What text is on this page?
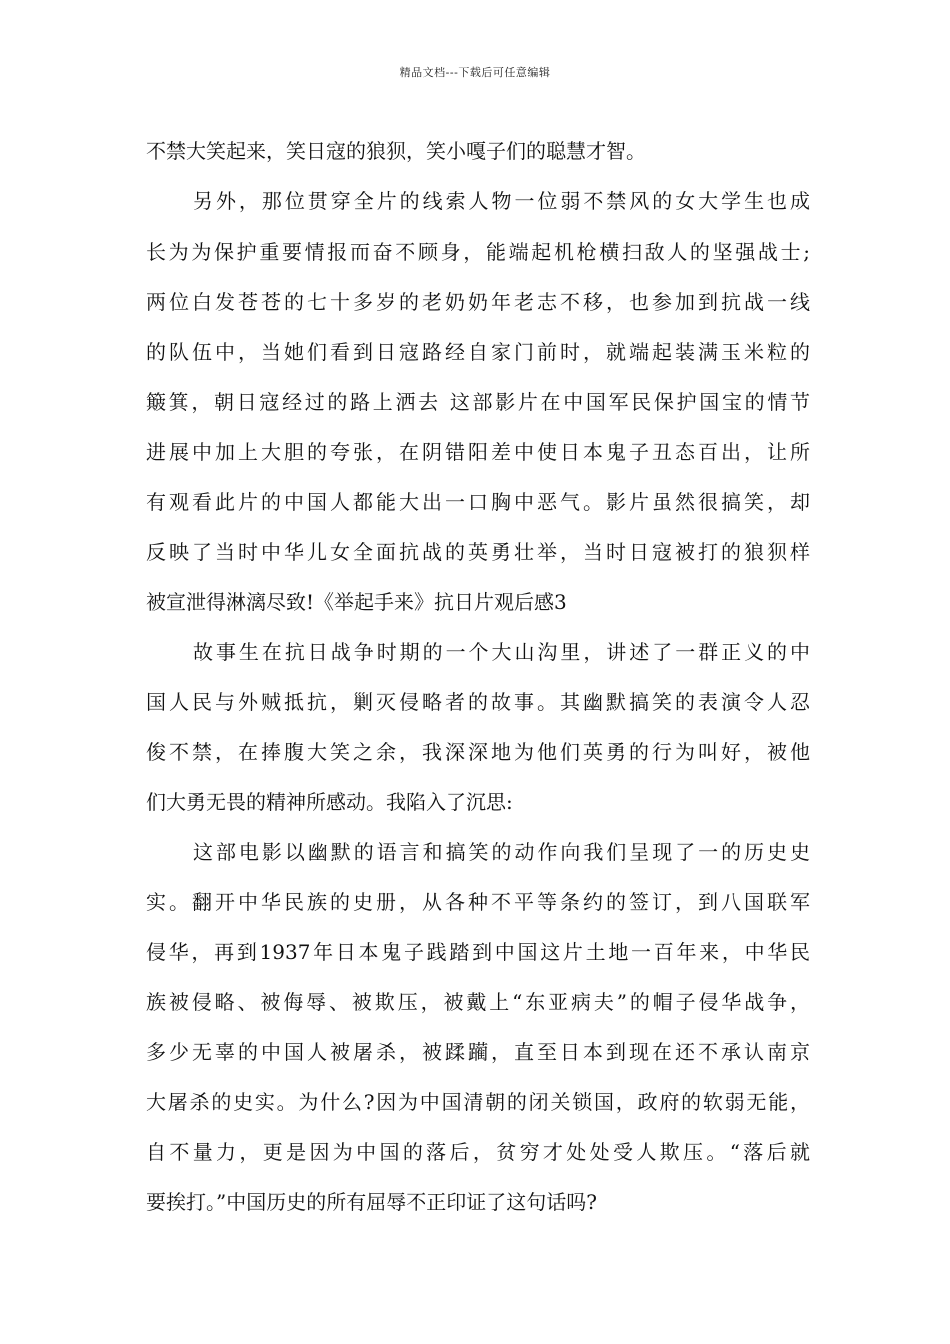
精品文档---下载后可任意编辑
不禁大笑起来，笑日寇的狼狈，笑小嘎子们的聪慧才智。
另外，那位贯穿全片的线索人物一位弱不禁风的女大学生也成
长为为保护重要情报而奋不顾身，能端起机枪横扫敌人的坚强战士;
两位白发苍苍的七十多岁的老奶奶年老志不移，也参加到抗战一线
的队伍中，当她们看到日寇路经自家门前时，就端起装满玉米粒的
簸箕，朝日寇经过的路上洒去 这部影片在中国军民保护国宝的情节
进展中加上大胆的夸张，在阴错阳差中使日本鬼子丑态百出，让所
有观看此片的中国人都能大出一口胸中恶气。影片虽然很搞笑，却
反映了当时中华儿女全面抗战的英勇壮举，当时日寇被打的狼狈样
被宣泄得淋漓尽致!《举起手来》抗日片观后感3
故事生在抗日战争时期的一个大山沟里，讲述了一群正义的中
国人民与外贼抵抗，剿灭侵略者的故事。其幽默搞笑的表演令人忍
俊不禁，在捧腹大笑之余，我深深地为他们英勇的行为叫好，被他
们大勇无畏的精神所感动。我陷入了沉思:
这部电影以幽默的语言和搞笑的动作向我们呈现了一的历史史
实。翻开中华民族的史册，从各种不平等条约的签订，到八国联军
侵华，再到1937年日本鬼子践踏到中国这片土地一百年来，中华民
族被侵略、被侮辱、被欺压，被戴上“东亚病夫”的帽子侵华战争，
多少无辜的中国人被屠杀，被蹂躏，直至日本到现在还不承认南京
大屠杀的史实。为什么?因为中国清朝的闭关锁国，政府的软弱无能，
自不量力，更是因为中国的落后，贫穷才处处受人欺压。“落后就
要挨打。”中国历史的所有屈辱不正印证了这句话吗?
